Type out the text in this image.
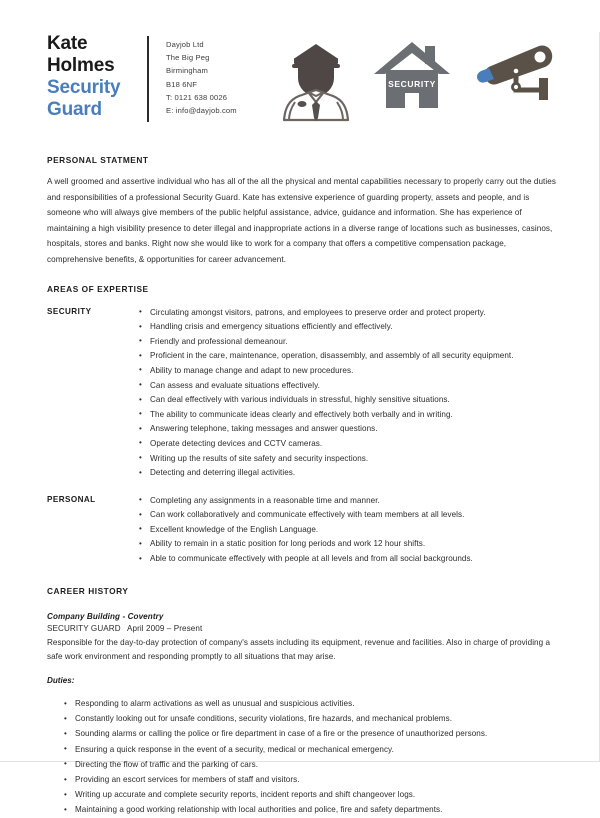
Kate
Holmes
Security
Guard
Dayjob Ltd
The Big Peg
Birmingham
B18 6NF
T: 0121 638 0026
E: info@dayjob.com
SECURITY
PERSONAL STATMENT

A well groomed and assertive individual who has all of the all the physical and mental capabilities necessary to properly carry out the duties and responsibilities of a professional Security Guard. Kate has extensive experience of guarding property, assets and people, and is someone who will always give members of the public helpful assistance, advice, guidance and information. She has experience of maintaining a high visibility presence to deter illegal and inappropriate actions in a diverse range of locations such as businesses, casinos, hospitals, stores and banks. Right now she would like to work for a company that offers a competitive compensation package, comprehensive benefits, & opportunities for career advancement.

AREAS OF EXPERTISE
SECURITY	• Circulating amongst visitors, patrons, and employees to preserve order and protect property.
• Handling crisis and emergency situations efficiently and effectively.
• Friendly and professional demeanour.
• Proficient in the care, maintenance, operation, disassembly, and assembly of all security equipment.
• Ability to manage change and adapt to new procedures.
• Can assess and evaluate situations effectively.
• Can deal effectively with various individuals in stressful, highly sensitive situations.
• The ability to communicate ideas clearly and effectively both verbally and in writing.
• Answering telephone, taking messages and answer questions.
• Operate detecting devices and CCTV cameras.
• Writing up the results of site safety and security inspections.
• Detecting and deterring illegal activities.
PERSONAL	• Completing any assignments in a reasonable time and manner.
• Can work collaboratively and communicate effectively with team members at all levels.
• Excellent knowledge of the English Language.
• Ability to remain in a static position for long periods and work 12 hour shifts.
• Able to communicate effectively with people at all levels and from all social backgrounds.
CAREER HISTORY
Company Building - Coventry
SECURITY GUARD April 2009 – Present
Responsible for the day-to-day protection of company's assets including its equipment, revenue and facilities. Also in charge of providing a safe work environment and responding promptly to all situations that may arise.
Duties:
• Responding to alarm activations as well as unusual and suspicious activities.
• Constantly looking out for unsafe conditions, security violations, fire hazards, and mechanical problems.
• Sounding alarms or calling the police or fire department in case of a fire or the presence of unauthorized persons.
• Ensuring a quick response in the event of a security, medical or mechanical emergency.
• Directing the flow of traffic and the parking of cars.
• Providing an escort services for members of staff and visitors.
• Writing up accurate and complete security reports, incident reports and shift changeover logs.
• Maintaining a good working relationship with local authorities and police, fire and safety departments.
